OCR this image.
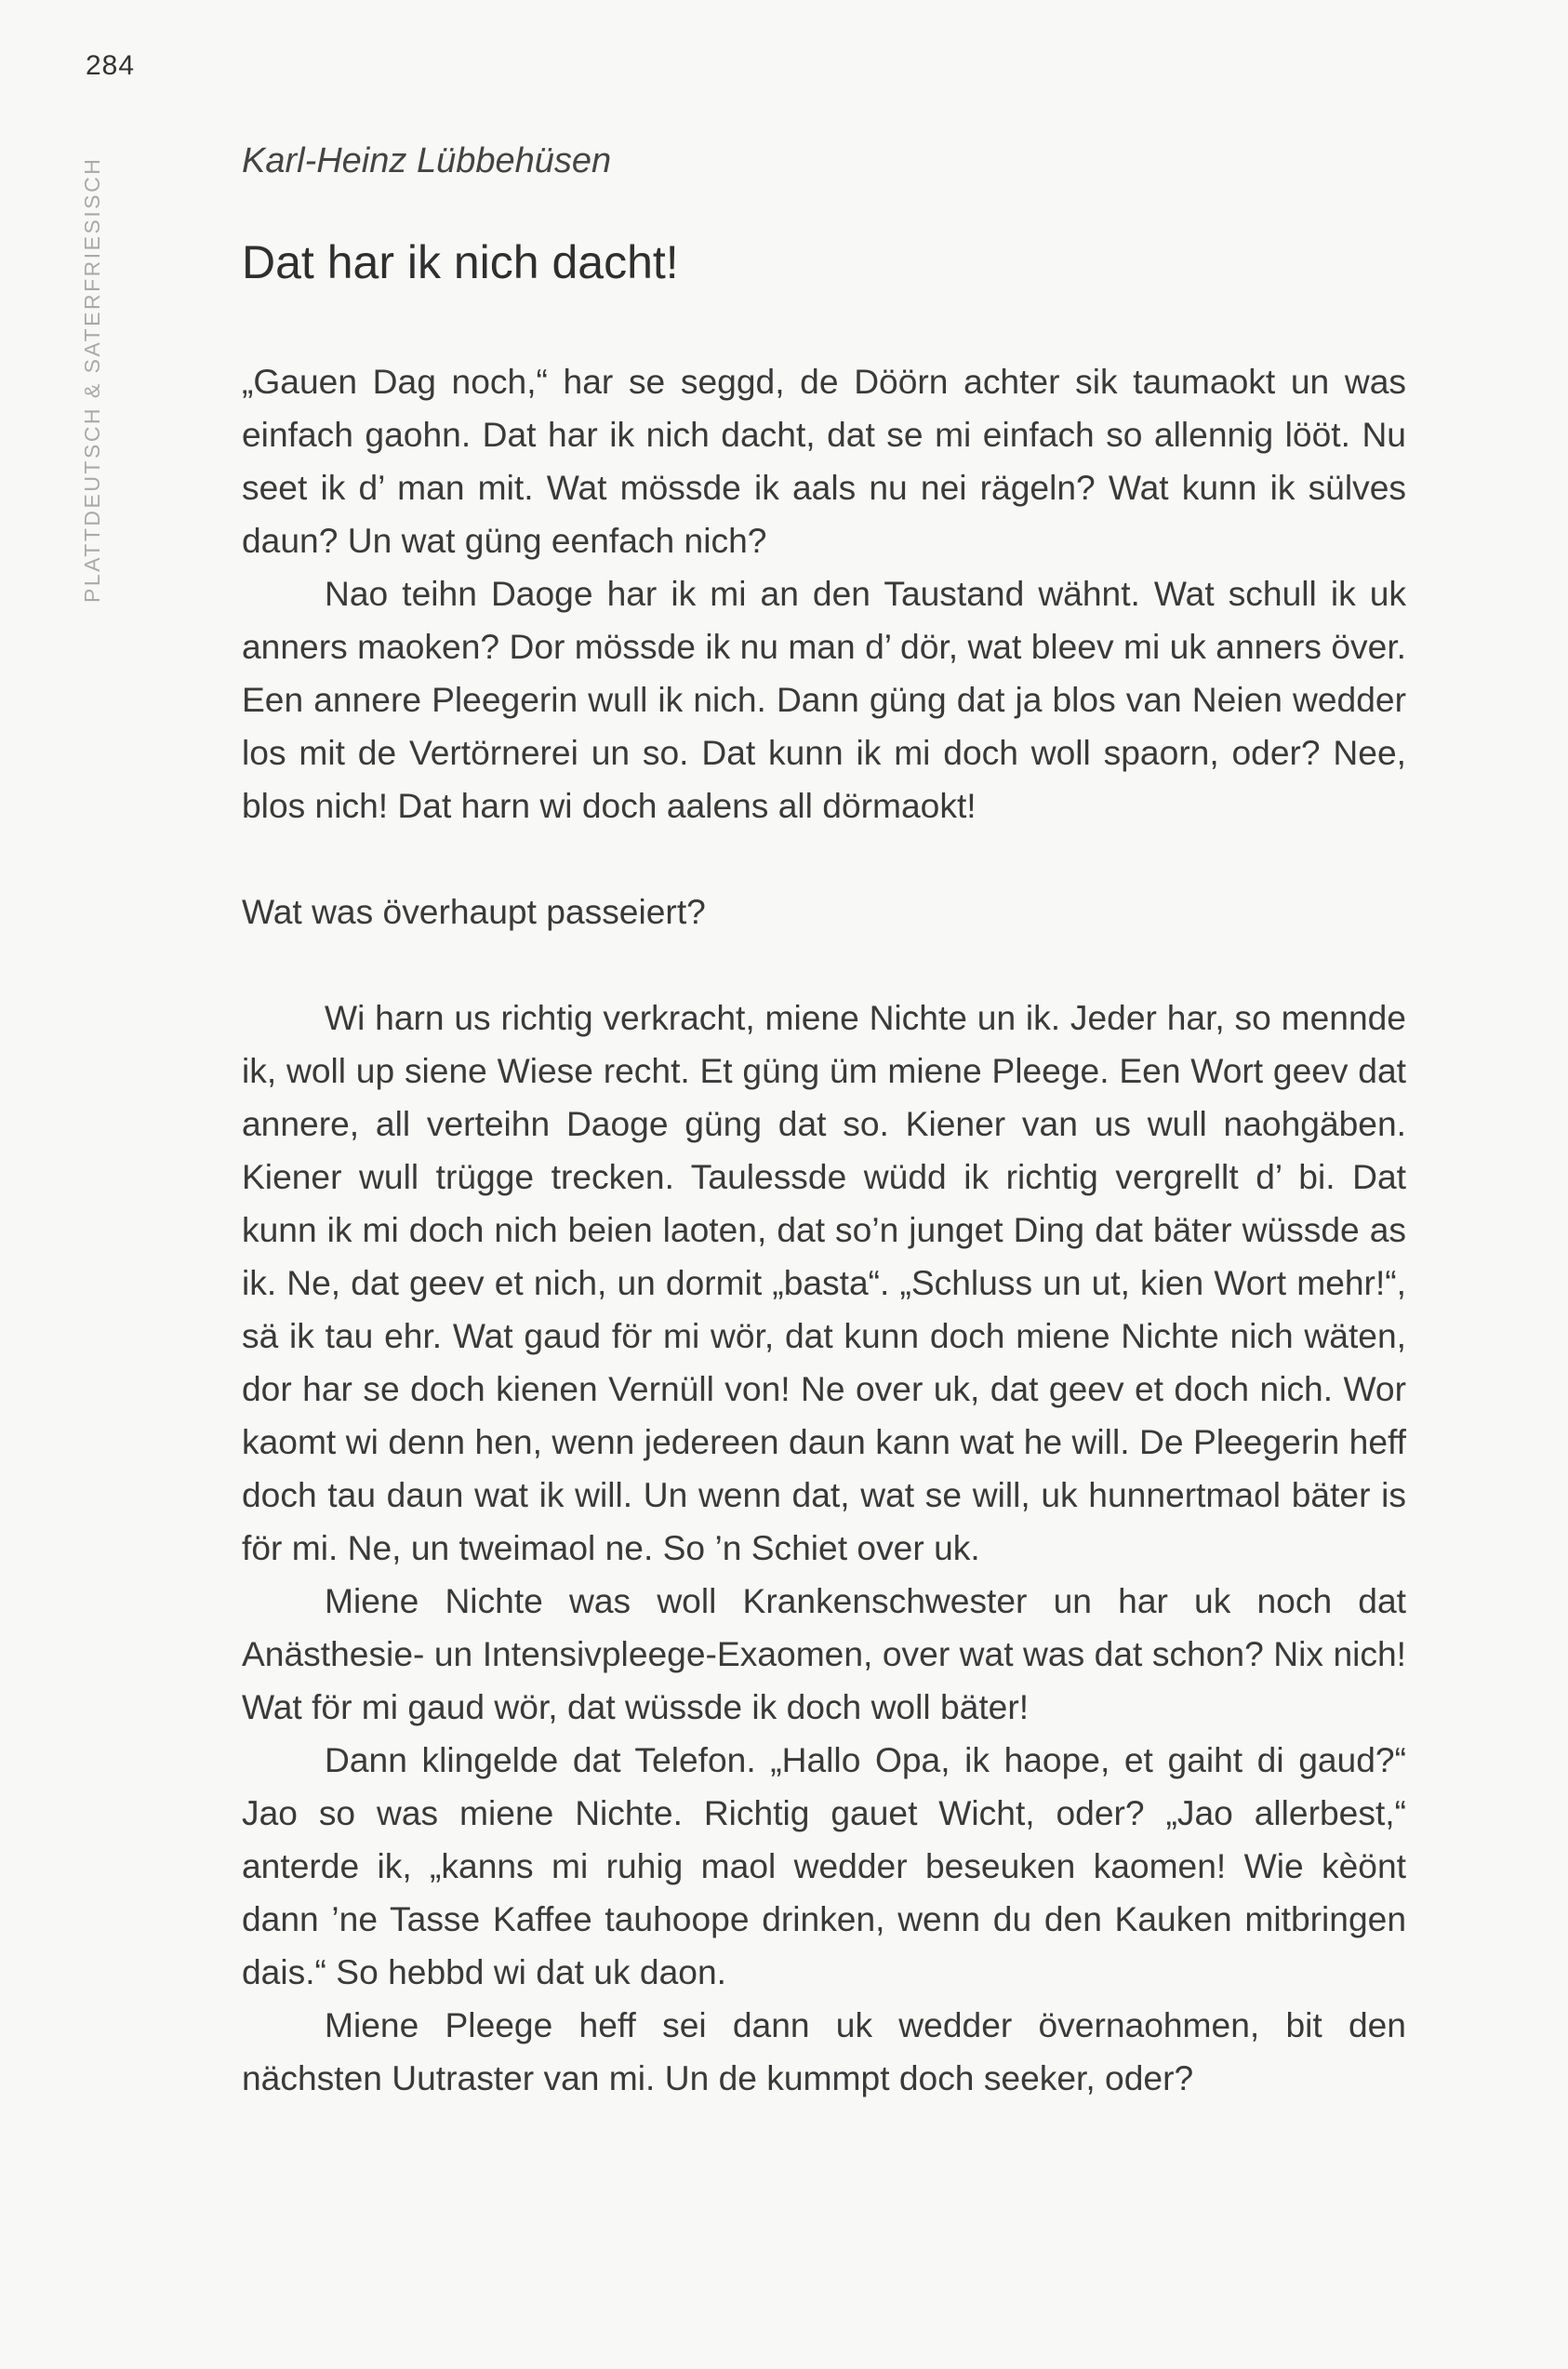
284
PLATTDEUTSCH & SATERFRIESISCH	Karl-Heinz Lübbehüsen

Dat har ik nich dacht!

„Gauen Dag noch,“ har se seggd, de Döörn achter sik taumaokt un was einfach gaohn. Dat har ik nich dacht, dat se mi einfach so allennig lööt. Nu seet ik d’ man mit. Wat mössde ik aals nu nei rägeln? Wat kunn ik sülves daun? Un wat güng eenfach nich?

Nao teihn Daoge har ik mi an den Taustand wähnt. Wat schull ik uk anners maoken? Dor mössde ik nu man d’ dör, wat bleev mi uk anners över. Een annere Pleegerin wull ik nich. Dann güng dat ja blos van Neien wedder los mit de Vertörnerei un so. Dat kunn ik mi doch woll spaorn, oder? Nee, blos nich! Dat harn wi doch aalens all dörmaokt!

Wat was överhaupt passeiert?

Wi harn us richtig verkracht, miene Nichte un ik. Jeder har, so mennde ik, woll up siene Wiese recht. Et güng üm miene Pleege. Een Wort geev dat annere, all verteihn Daoge güng dat so. Kiener van us wull naohgäben. Kiener wull trügge trecken. Taulessde wüdd ik richtig vergrellt d’ bi. Dat kunn ik mi doch nich beien laoten, dat so’n junget Ding dat bäter wüssde as ik. Ne, dat geev et nich, un dormit „basta“. „Schluss un ut, kien Wort mehr!“, sä ik tau ehr. Wat gaud för mi wör, dat kunn doch miene Nichte nich wäten, dor har se doch kienen Vernüll von! Ne over uk, dat geev et doch nich. Wor kaomt wi denn hen, wenn jedereen daun kann wat he will. De Pleegerin heff doch tau daun wat ik will. Un wenn dat, wat se will, uk hunnertmaol bäter is för mi. Ne, un tweimaol ne. So ’n Schiet over uk.

Miene Nichte was woll Krankenschwester un har uk noch dat Anästhesie- un Intensivpleege-Exaomen, over wat was dat schon? Nix nich! Wat för mi gaud wör, dat wüssde ik doch woll bäter!

Dann klingelde dat Telefon. „Hallo Opa, ik haope, et gaiht di gaud?“ Jao so was miene Nichte. Richtig gauet Wicht, oder? „Jao allerbest,“ anterde ik, „kanns mi ruhig maol wedder beseuken kaomen! Wie kèönt dann ’ne Tasse Kaffee tauhoope drinken, wenn du den Kauken mitbringen dais.“ So hebbd wi dat uk daon.

Miene Pleege heff sei dann uk wedder övernaohmen, bit den nächsten Uutraster van mi. Un de kummpt doch seeker, oder?
